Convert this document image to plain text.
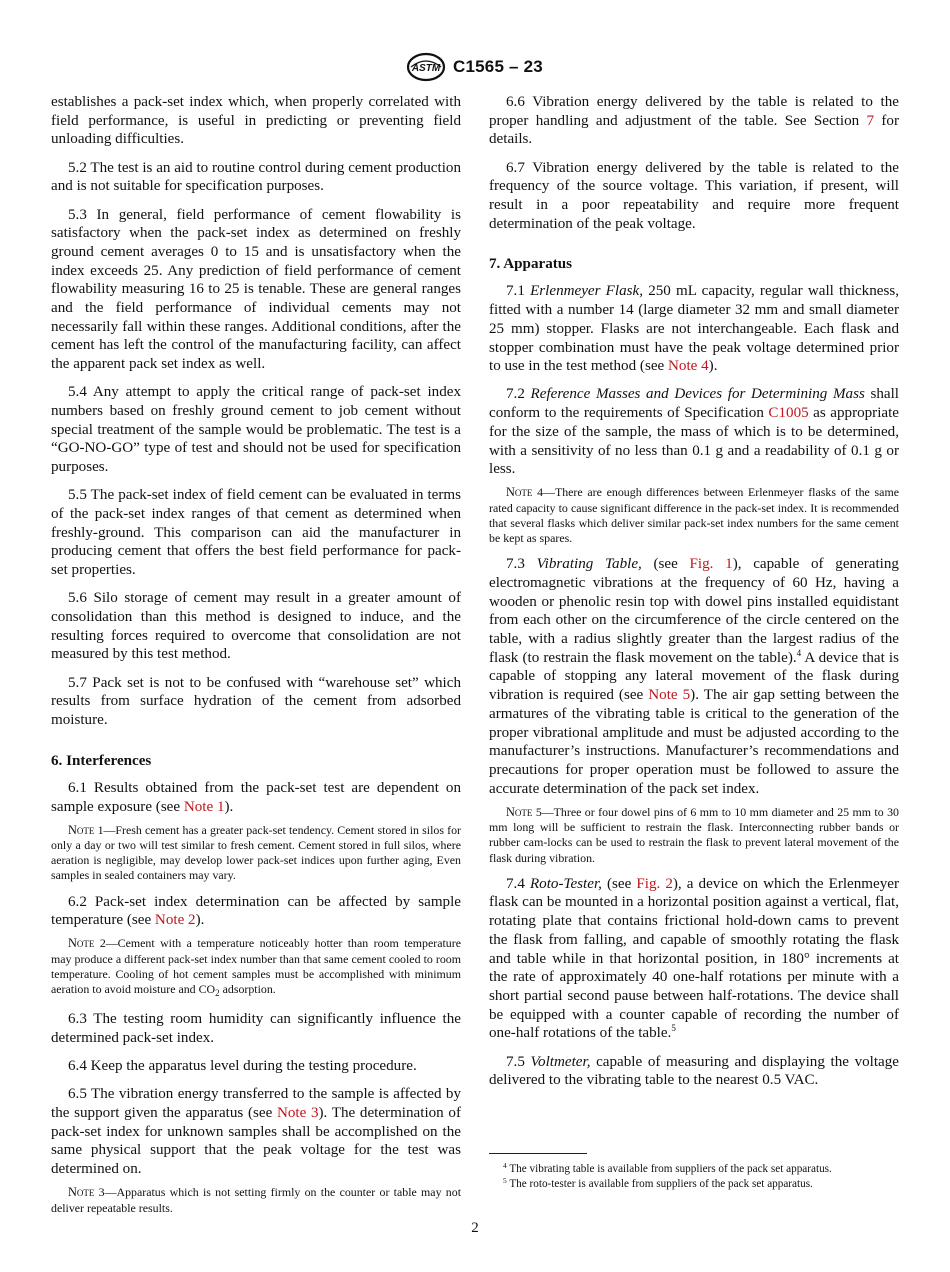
ASTM C1565 – 23

establishes a pack-set index which, when properly correlated with field performance, is useful in predicting or preventing field unloading difficulties.

5.2 The test is an aid to routine control during cement production and is not suitable for specification purposes.

5.3 In general, field performance of cement flowability is satisfactory when the pack-set index as determined on freshly ground cement averages 0 to 15 and is unsatisfactory when the index exceeds 25. Any prediction of field performance of cement flowability measuring 16 to 25 is tenable. These are general ranges and the field performance of individual cements may not necessarily fall within these ranges. Additional conditions, after the cement has left the control of the manufacturing facility, can affect the apparent pack set index as well.

5.4 Any attempt to apply the critical range of pack-set index numbers based on freshly ground cement to job cement without special treatment of the sample would be problematic. The test is a “GO-NO-GO” type of test and should not be used for specification purposes.

5.5 The pack-set index of field cement can be evaluated in terms of the pack-set index ranges of that cement as determined when freshly-ground. This comparison can aid the manufacturer in producing cement that offers the best field performance for pack-set properties.

5.6 Silo storage of cement may result in a greater amount of consolidation than this method is designed to induce, and the resulting forces required to overcome that consolidation are not measured by this test method.

5.7 Pack set is not to be confused with “warehouse set” which results from surface hydration of the cement from adsorbed moisture.

6. Interferences

6.1 Results obtained from the pack-set test are dependent on sample exposure (see Note 1).

Note 1—Fresh cement has a greater pack-set tendency. Cement stored in silos for only a day or two will test similar to fresh cement. Cement stored in full silos, where aeration is negligible, may develop lower pack-set indices upon further aging, Even samples in sealed containers may vary.

6.2 Pack-set index determination can be affected by sample temperature (see Note 2).

Note 2—Cement with a temperature noticeably hotter than room temperature may produce a different pack-set index number than that same cement cooled to room temperature. Cooling of hot cement samples must be accomplished with minimum aeration to avoid moisture and $CO_2$ adsorption.

6.3 The testing room humidity can significantly influence the determined pack-set index.

6.4 Keep the apparatus level during the testing procedure.

6.5 The vibration energy transferred to the sample is affected by the support given the apparatus (see Note 3). The determination of pack-set index for unknown samples shall be accomplished on the same physical support that the peak voltage for the test was determined on.

Note 3—Apparatus which is not setting firmly on the counter or table may not deliver repeatable results.

6.6 Vibration energy delivered by the table is related to the proper handling and adjustment of the table. See Section 7 for details.

6.7 Vibration energy delivered by the table is related to the frequency of the source voltage. This variation, if present, will result in a poor repeatability and require more frequent determination of the peak voltage.

7. Apparatus

7.1 Erlenmeyer Flask, 250 mL capacity, regular wall thickness, fitted with a number 14 (large diameter 32 mm and small diameter 25 mm) stopper. Flasks are not interchangeable. Each flask and stopper combination must have the peak voltage determined prior to use in the test method (see Note 4).

7.2 Reference Masses and Devices for Determining Mass shall conform to the requirements of Specification C1005 as appropriate for the size of the sample, the mass of which is to be determined, with a sensitivity of no less than 0.1 g and a readability of 0.1 g or less.

Note 4—There are enough differences between Erlenmeyer flasks of the same rated capacity to cause significant difference in the pack-set index. It is recommended that several flasks which deliver similar pack-set index numbers for the same cement be kept as spares.

7.3 Vibrating Table, (see Fig. 1), capable of generating electromagnetic vibrations at the frequency of 60 Hz, having a wooden or phenolic resin top with dowel pins installed equidistant from each other on the circumference of the circle centered on the table, with a radius slightly greater than the largest radius of the flask (to restrain the flask movement on the table).$^4$ A device that is capable of stopping any lateral movement of the flask during vibration is required (see Note 5). The air gap setting between the armatures of the vibrating table is critical to the generation of the proper vibrational amplitude and must be adjusted according to the manufacturer’s instructions. Manufacturer’s recommendations and precautions for proper operation must be followed to assure the accurate determination of the pack set index.

Note 5—Three or four dowel pins of 6 mm to 10 mm diameter and 25 mm to 30 mm long will be sufficient to restrain the flask. Interconnecting rubber bands or rubber cam-locks can be used to restrain the flask to prevent lateral movement of the flask during vibration.

7.4 Roto-Tester, (see Fig. 2), a device on which the Erlenmeyer flask can be mounted in a horizontal position against a vertical, flat, rotating plate that contains frictional hold-down cams to prevent the flask from falling, and capable of smoothly rotating the flask and table while in that horizontal position, in 180° increments at the rate of approximately 40 one-half rotations per minute with a short partial second pause between half-rotations. The device shall be equipped with a counter capable of recording the number of one-half rotations of the table.$^5$

7.5 Voltmeter, capable of measuring and displaying the voltage delivered to the vibrating table to the nearest 0.5 VAC.

$^4$ The vibrating table is available from suppliers of the pack set apparatus.

$^5$ The roto-tester is available from suppliers of the pack set apparatus.

2
